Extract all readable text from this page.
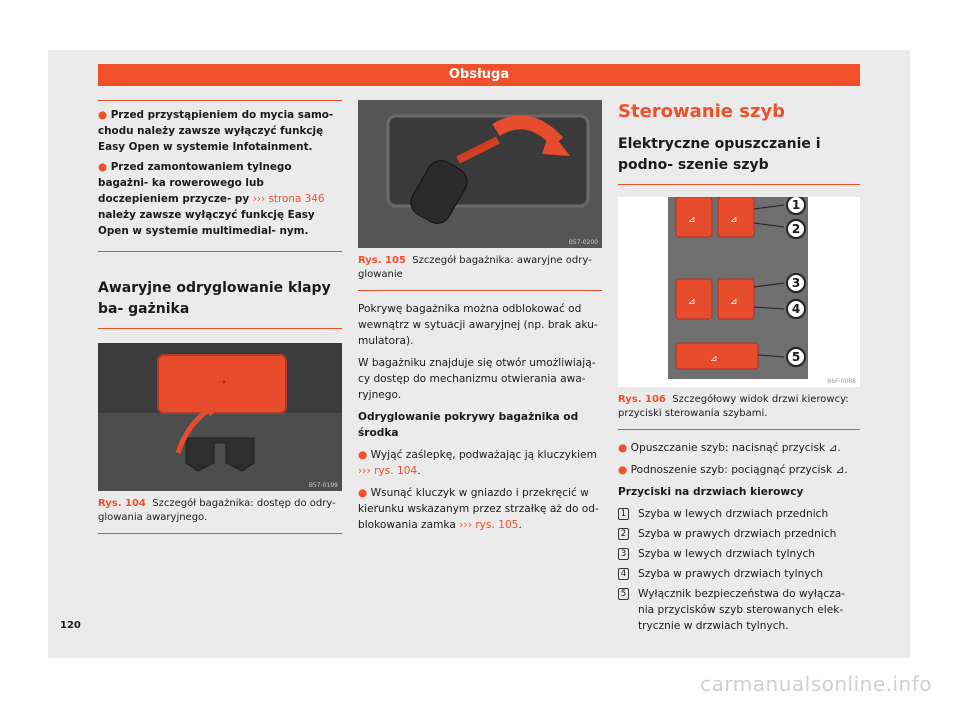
Obsługa

● Przed przystąpieniem do mycia samo- chodu należy zawsze wyłączyć funkcję Easy Open w systemie Infotainment.

● Przed zamontowaniem tylnego bagażni- ka rowerowego lub doczepieniem przycze- py ››› strona 346 należy zawsze wyłączyć funkcję Easy Open w systemie multimedial- nym.

Awaryjne odryglowanie klapy ba- gażnika
⇢
B57-0199
Rys. 104 Szczegół bagażnika: dostęp do odry- glowania awaryjnego.
B57-0200
Rys. 105 Szczegół bagażnika: awaryjne odry- glowanie

Pokrywę bagażnika można odblokować od wewnątrz w sytuacji awaryjnej (np. brak aku- mulatora).

W bagażniku znajduje się otwór umożliwiają- cy dostęp do mechanizmu otwierania awa- ryjnego.

Odryglowanie pokrywy bagażnika od środka

● Wyjąć zaślepkę, podważając ją kluczykiem ››› rys. 104.

● Wsunąć kluczyk w gniazdo i przekręcić w kierunku wskazanym przez strzałkę aż do od- blokowania zamka ››› rys. 105.

Sterowanie szyb
Elektryczne opuszczanie i podno- szenie szyb
⊿	⊿
⊿	⊿
⊿
1
2
3
4
5
B6F-0088
Rys. 106 Szczegółowy widok drzwi kierowcy: przyciski sterowania szybami.

● Opuszczanie szyb: nacisnąć przycisk ⊿.

● Podnoszenie szyb: pociągnąć przycisk ⊿.

Przyciski na drzwiach kierowcy

1 Szyba w lewych drzwiach przednich
2 Szyba w prawych drzwiach przednich
3 Szyba w lewych drzwiach tylnych
4 Szyba w prawych drzwiach tylnych
5 Wyłącznik bezpieczeństwa do wyłącza- nia przycisków szyb sterowanych elek- trycznie w drzwiach tylnych.
120
carmanualsonline.info
